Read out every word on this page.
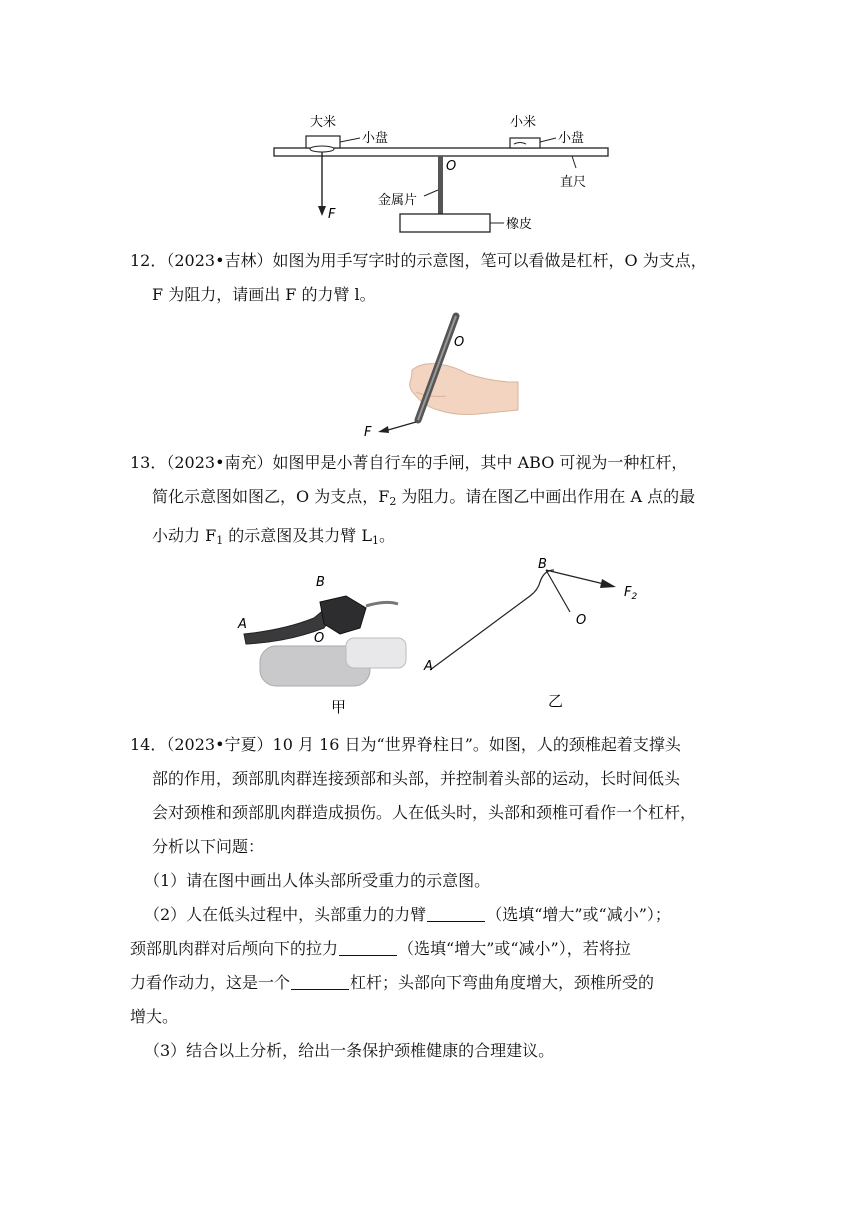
大米
小盘
小米
小盘
O
直尺
金属片
F
橡皮
12．（2023•吉林）如图为用手写字时的示意图，笔可以看做是杠杆，O 为支点，
F 为阻力，请画出 F 的力臂 l。
O
F
13．（2023•南充）如图甲是小菁自行车的手闸，其中 ABO 可视为一种杠杆，
简化示意图如图乙，O 为支点，$F_2$ 为阻力。请在图乙中画出作用在 A 点的最
小动力 $F_1$ 的示意图及其力臂 $L_1$。
A
B
O
甲
A
B
O
$F_2$
乙
14．（2023•宁夏）10 月 16 日为“世界脊柱日”。如图，人的颈椎起着支撑头
部的作用，颈部肌肉群连接颈部和头部，并控制着头部的运动，长时间低头
会对颈椎和颈部肌肉群造成损伤。人在低头时，头部和颈椎可看作一个杠杆，
分析以下问题：
（1）请在图中画出人体头部所受重力的示意图。
（2）人在低头过程中，头部重力的力臂	（选填“增大”或“减小”）；
颈部肌肉群对后颅向下的拉力	（选填“增大”或“减小”），若将拉
力看作动力，这是一个	杠杆；头部向下弯曲角度增大，颈椎所受的
增大。
（3）结合以上分析，给出一条保护颈椎健康的合理建议。
